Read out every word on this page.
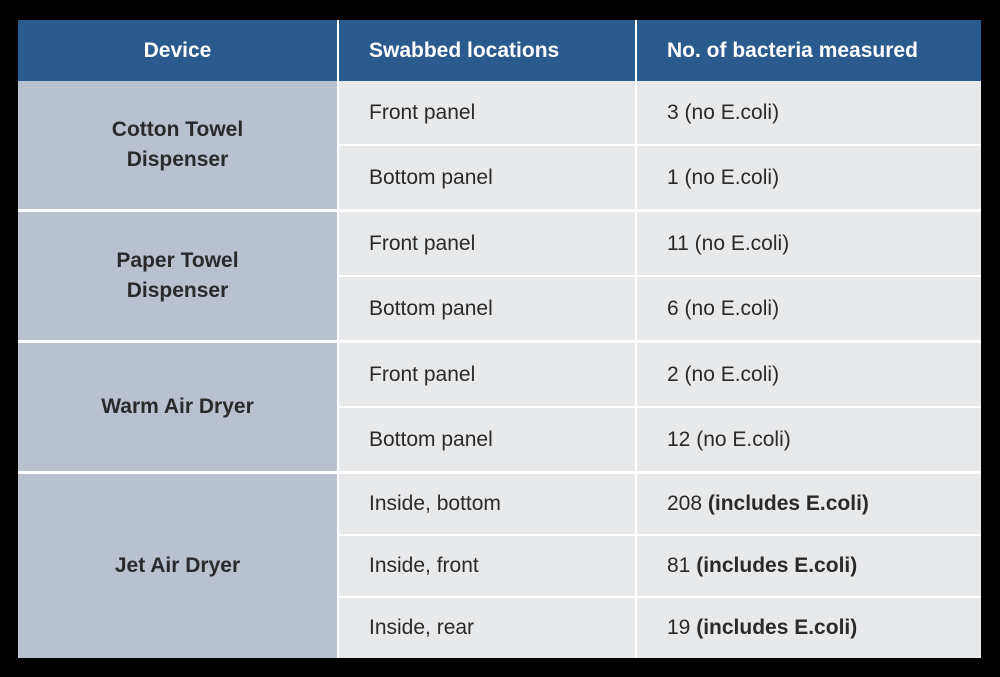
Device	Swabbed locations	No. of bacteria measured

Cotton Towel
Dispenser	Front panel	3 (no E.coli)
	Bottom panel	1 (no E.coli)

Paper Towel
Dispenser	Front panel	11 (no E.coli)
	Bottom panel	6 (no E.coli)

Warm Air Dryer	Front panel	2 (no E.coli)
	Bottom panel	12 (no E.coli)

Jet Air Dryer	Inside, bottom	208 (includes E.coli)
	Inside, front	81 (includes E.coli)
	Inside, rear	19 (includes E.coli)
